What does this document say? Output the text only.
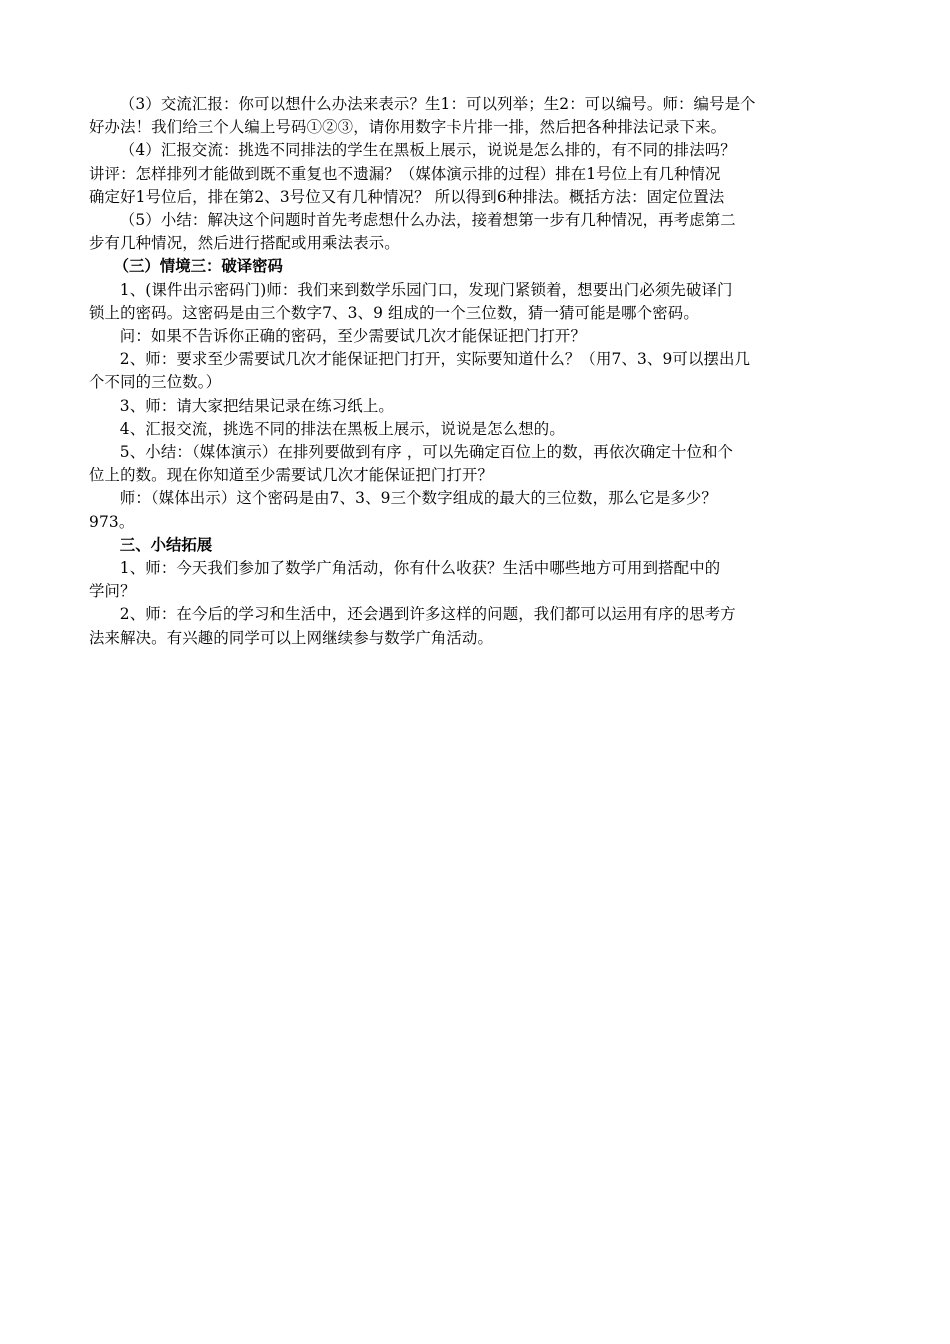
（3）交流汇报：你可以想什么办法来表示？生1：可以列举；生2：可以编号。师：编号是个
好办法！我们给三个人编上号码①②③，请你用数字卡片排一排，然后把各种排法记录下来。

（4）汇报交流：挑选不同排法的学生在黑板上展示，说说是怎么排的，有不同的排法吗？
讲评：怎样排列才能做到既不重复也不遗漏？（媒体演示排的过程）排在1号位上有几种情况
确定好1号位后，排在第2、3号位又有几种情况？ 所以得到6种排法。概括方法：固定位置法

（5）小结：解决这个问题时首先考虑想什么办法，接着想第一步有几种情况，再考虑第二
步有几种情况，然后进行搭配或用乘法表示。

（三）情境三：破译密码

1、(课件出示密码门)师：我们来到数学乐园门口，发现门紧锁着，想要出门必须先破译门
锁上的密码。这密码是由三个数字7、3、9 组成的一个三位数，猜一猜可能是哪个密码。

问：如果不告诉你正确的密码，至少需要试几次才能保证把门打开？

2、师：要求至少需要试几次才能保证把门打开，实际要知道什么？（用7、3、9可以摆出几
个不同的三位数。）

3、师：请大家把结果记录在练习纸上。

4、汇报交流，挑选不同的排法在黑板上展示，说说是怎么想的。

5、小结：（媒体演示）在排列要做到有序 ，可以先确定百位上的数，再依次确定十位和个
位上的数。现在你知道至少需要试几次才能保证把门打开？

师：（媒体出示）这个密码是由7、3、9三个数字组成的最大的三位数，那么它是多少？
973。

三、小结拓展

1、师：今天我们参加了数学广角活动，你有什么收获？生活中哪些地方可用到搭配中的
学问？

2、师：在今后的学习和生活中，还会遇到许多这样的问题，我们都可以运用有序的思考方
法来解决。有兴趣的同学可以上网继续参与数学广角活动。
